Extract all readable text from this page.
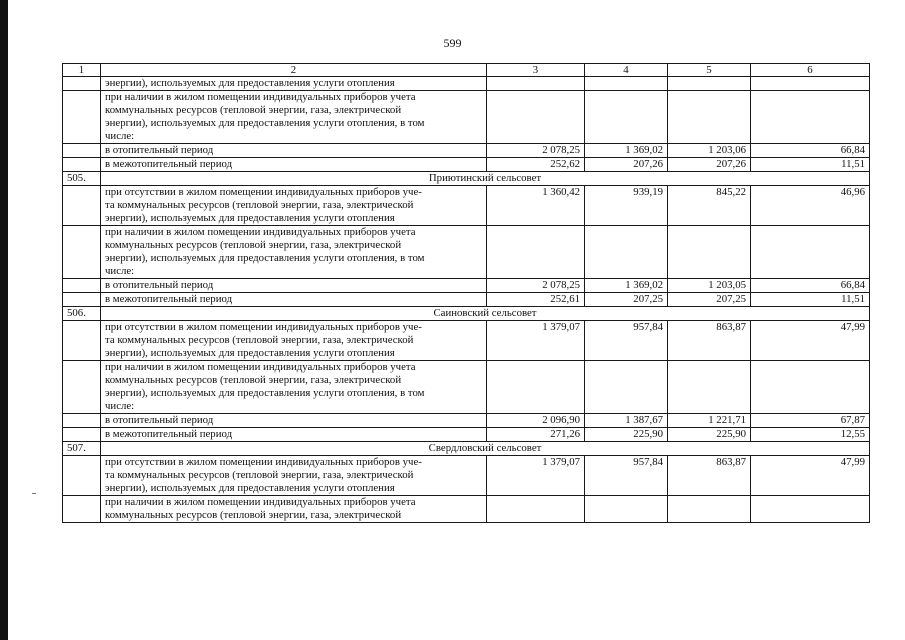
599
1	2	3	4	5	6

	энергии), используемых для предоставления услуги отопления				

	при наличии в жилом помещении индивидуальных приборов учета
коммунальных ресурсов (тепловой энергии, газа, электрической
энергии), используемых для предоставления услуги отопления, в том
числе:				

	в отопительный период	2 078,25	1 369,02	1 203,06	66,84
	в межотопительный период	252,62	207,26	207,26	11,51
505.	Приютинский сельсовет				

	при отсутствии в жилом помещении индивидуальных приборов уче-
та коммунальных ресурсов (тепловой энергии, газа, электрической
энергии), используемых для предоставления услуги отопления	1 360,42	939,19	845,22	46,96

	при наличии в жилом помещении индивидуальных приборов учета
коммунальных ресурсов (тепловой энергии, газа, электрической
энергии), используемых для предоставления услуги отопления, в том
числе:				

	в отопительный период	2 078,25	1 369,02	1 203,05	66,84
	в межотопительный период	252,61	207,25	207,25	11,51
506.	Саиновский сельсовет				

	при отсутствии в жилом помещении индивидуальных приборов уче-
та коммунальных ресурсов (тепловой энергии, газа, электрической
энергии), используемых для предоставления услуги отопления	1 379,07	957,84	863,87	47,99

	при наличии в жилом помещении индивидуальных приборов учета
коммунальных ресурсов (тепловой энергии, газа, электрической
энергии), используемых для предоставления услуги отопления, в том
числе:				

	в отопительный период	2 096,90	1 387,67	1 221,71	67,87
	в межотопительный период	271,26	225,90	225,90	12,55
507.	Свердловский сельсовет				

	при отсутствии в жилом помещении индивидуальных приборов уче-
та коммунальных ресурсов (тепловой энергии, газа, электрической
энергии), используемых для предоставления услуги отопления	1 379,07	957,84	863,87	47,99

	при наличии в жилом помещении индивидуальных приборов учета
коммунальных ресурсов (тепловой энергии, газа, электрической				
